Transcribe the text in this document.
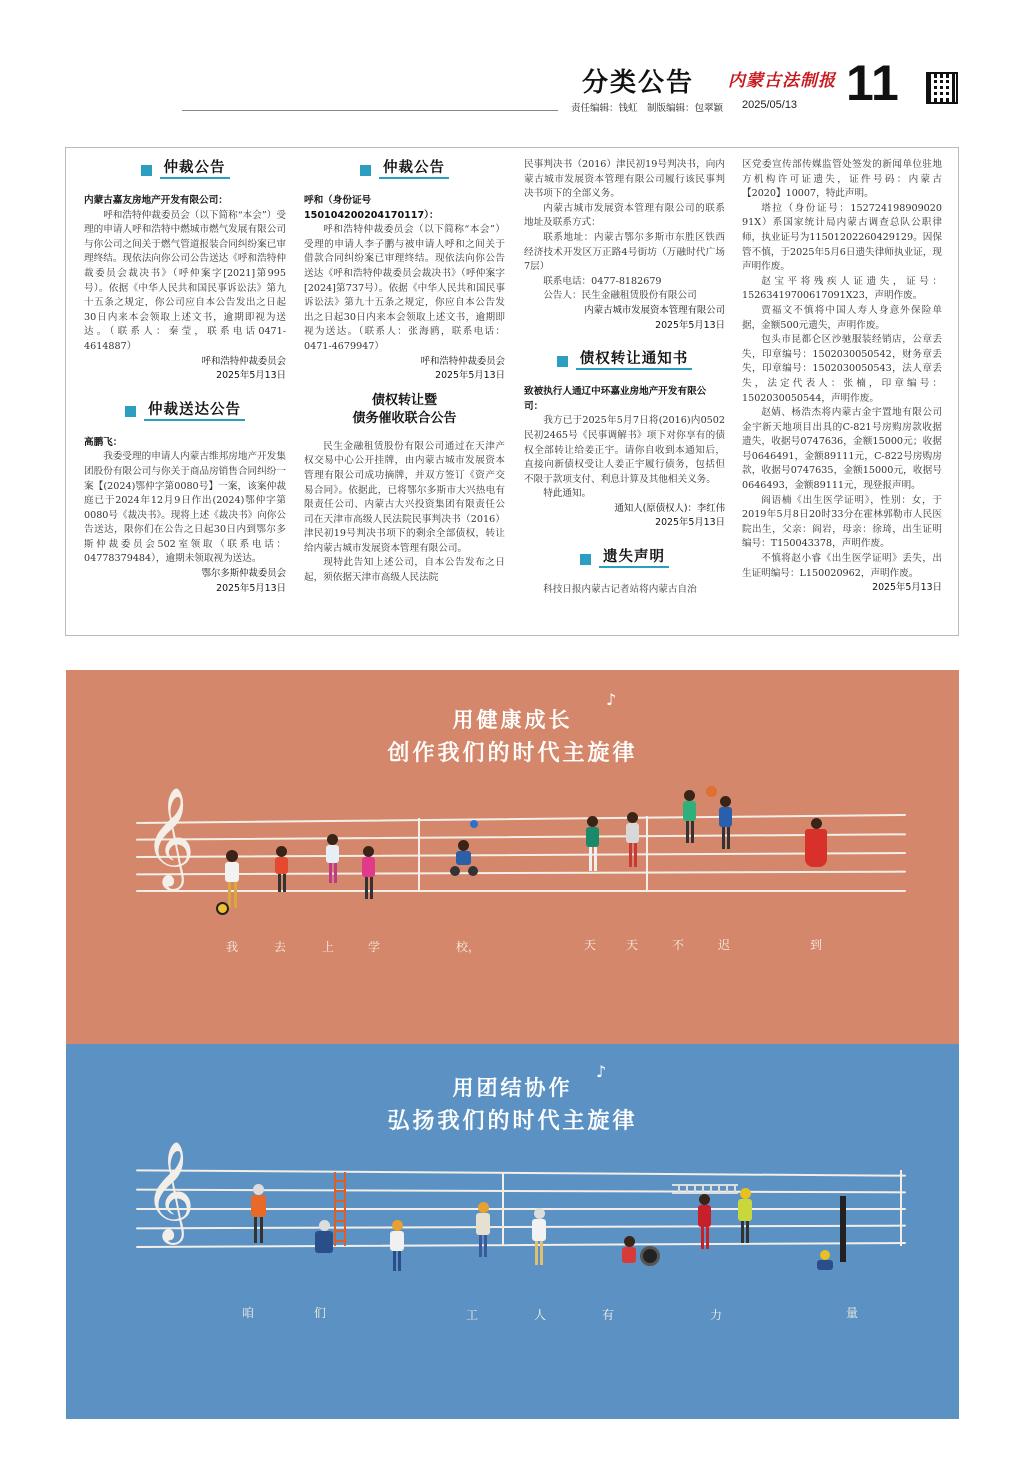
分类公告 内蒙古法制报 11
责任编辑：钱虹　制版编辑：包翠颖 2025/05/13
仲裁公告
内蒙古嘉友房地产开发有限公司：
呼和浩特仲裁委员会（以下简称“本会”）受理的申请人呼和浩特中燃城市燃气发展有限公司与你公司之间关于燃气管道报装合同纠纷案已审理终结。现依法向你公司公告送达《呼和浩特仲裁委员会裁决书》（呼仲案字[2021]第995号）。依据《中华人民共和国民事诉讼法》第九十五条之规定，你公司应自本公告发出之日起30日内来本会领取上述文书，逾期即视为送达。（联系人：秦莹，联系电话0471-4614887）
呼和浩特仲裁委员会
2025年5月13日
仲裁送达公告
高鹏飞：
我委受理的申请人内蒙古维邦房地产开发集团股份有限公司与你关于商品房销售合同纠纷一案【(2024)鄂仲字第0080号】一案，该案仲裁庭已于2024年12月9日作出(2024)鄂仲字第0080号《裁决书》。现将上述《裁决书》向你公告送达，限你们在公告之日起30日内到鄂尔多斯仲裁委员会502室领取（联系电话：04778379484），逾期未领取视为送达。
鄂尔多斯仲裁委员会
2025年5月13日
仲裁公告
呼和（身份证号 150104200204170117）：
呼和浩特仲裁委员会（以下简称“本会”）受理的申请人李子鹏与被申请人呼和之间关于借款合同纠纷案已审理终结。现依法向你公告送达《呼和浩特仲裁委员会裁决书》（呼仲案字[2024]第737号）。依据《中华人民共和国民事诉讼法》第九十五条之规定，你应自本公告发出之日起30日内来本会领取上述文书，逾期即视为送达。（联系人：张海鸥，联系电话：0471-4679947）
呼和浩特仲裁委员会
2025年5月13日
债权转让暨
债务催收联合公告
民生金融租赁股份有限公司通过在天津产权交易中心公开挂牌，由内蒙古城市发展资本管理有限公司成功摘牌，并双方签订《资产交易合同》。依据此，已将鄂尔多斯市大兴热电有限责任公司、内蒙古大兴投资集团有限责任公司在天津市高级人民法院民事判决书（2016）津民初19号判决书项下的剩余全部债权，转让给内蒙古城市发展资本管理有限公司。
现特此告知上述公司，自本公告发布之日起，须依据天津市高级人民法院
民事判决书（2016）津民初19号判决书，向内蒙古城市发展资本管理有限公司履行该民事判决书项下的全部义务。
内蒙古城市发展资本管理有限公司的联系地址及联系方式：
联系地址：内蒙古鄂尔多斯市东胜区铁西经济技术开发区万正路4号街坊（万融时代广场7层）
联系电话：0477-8182679
公告人：民生金融租赁股份有限公司
内蒙古城市发展资本管理有限公司
2025年5月13日
债权转让通知书
致被执行人通辽中环嘉业房地产开发有限公司：
我方已于2025年5月7日将(2016)内0502民初2465号《民事调解书》项下对你享有的债权全部转让给姜正宇。请你自收到本通知后，直接向新债权受让人姜正宇履行债务，包括但不限于款项支付、利息计算及其他相关义务。
特此通知。
通知人(原债权人)：李红伟
2025年5月13日
遗失声明
科技日报内蒙古记者站将内蒙古自治
区党委宣传部传媒监管处签发的新闻单位驻地方机构许可证遗失，证件号码：内蒙古【2020】10007，特此声明。
塔拉（身份证号：152724198909020​91X）系国家统计局内蒙古调查总队公职律师，执业证号为11501202260429129。因保管不慎，于2025年5月6日遗失律师执业证，现声明作废。
赵宝平将残疾人证遗失，证号：15263419700617091X23，声明作废。
贾福文不慎将中国人寿人身意外保险单据，金额500元遗失，声明作废。
包头市昆都仑区沙驰服装经销店，公章丢失，印章编号：1502030050542，财务章丢失，印章编号：1502030050543，法人章丢失，法定代表人：张楠，印章编号：1502030050544，声明作废。
赵婧、杨浩杰将内蒙古金宇置地有限公司金宇新天地项目出具的C-821号房购房款收据遗失，收据号0747636，金额15000元；收据号0646491，金额89111元，C-822号房购房款，收据号0747635，金额15000元，收据号0646493，金额89111元，现登报声明。
阎语楠《出生医学证明》，性别：女，于2019年5月8日20时33分在霍林郭勒市人民医院出生，父亲：阎岩，母亲：徐琦，出生证明编号：T150043378，声明作废。
不慎将赵小睿《出生医学证明》丢失，出生证明编号：L150020962，声明作废。
2025年5月13日
用健康成长
创作我们的时代主旋律
♪
𝄞
我	去	上	学	校，	天 天	不	迟	到
用团结协作
弘扬我们的时代主旋律
♪
𝄞
咱	们	工	人	有	力	量
